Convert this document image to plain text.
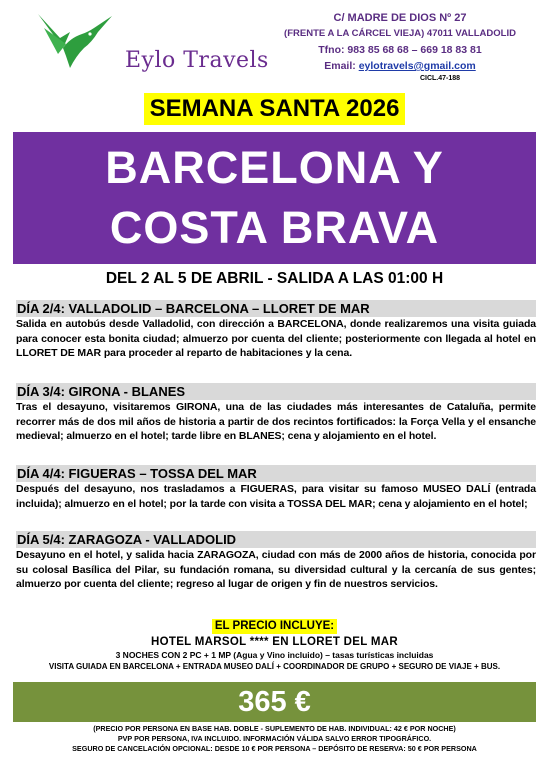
Eylo Travels
C/ MADRE DE DIOS Nº 27
(FRENTE A LA CÁRCEL VIEJA) 47011 VALLADOLID
Tfno: 983 85 68 68 – 669 18 83 81
Email: eylotravels@gmail.com
CICL.47-188
SEMANA SANTA 2026
BARCELONA Y
COSTA BRAVA
DEL 2 AL 5 DE ABRIL - SALIDA A LAS 01:00 H
DÍA 2/4: VALLADOLID – BARCELONA – LLORET DE MAR

Salida en autobús desde Valladolid, con dirección a BARCELONA, donde realizaremos una visita guiada para conocer esta bonita ciudad; almuerzo por cuenta del cliente; posteriormente con llegada al hotel en LLORET DE MAR para proceder al reparto de habitaciones y la cena.

DÍA 3/4: GIRONA - BLANES

Tras el desayuno, visitaremos GIRONA, una de las ciudades más interesantes de Cataluña, permite recorrer más de dos mil años de historia a partir de dos recintos fortificados: la Força Vella y el ensanche medieval; almuerzo en el hotel; tarde libre en BLANES; cena y alojamiento en el hotel.

DÍA 4/4: FIGUERAS – TOSSA DEL MAR

Después del desayuno, nos trasladamos a FIGUERAS, para visitar su famoso MUSEO DALÍ (entrada incluida); almuerzo en el hotel; por la tarde con visita a TOSSA DEL MAR; cena y alojamiento en el hotel;

DÍA 5/4: ZARAGOZA - VALLADOLID

Desayuno en el hotel, y salida hacia ZARAGOZA, ciudad con más de 2000 años de historia, conocida por su colosal Basílica del Pilar, su fundación romana, su diversidad cultural y la cercanía de sus gentes; almuerzo por cuenta del cliente; regreso al lugar de origen y fin de nuestros servicios.

EL PRECIO INCLUYE:
HOTEL MARSOL **** EN LLORET DEL MAR
3 NOCHES CON 2 PC + 1 MP (Agua y Vino incluido) – tasas turísticas incluidas
VISITA GUIADA EN BARCELONA + ENTRADA MUSEO DALÍ + COORDINADOR DE GRUPO + SEGURO DE VIAJE + BUS.
365 €
(PRECIO POR PERSONA EN BASE HAB. DOBLE - SUPLEMENTO DE HAB. INDIVIDUAL: 42 € POR NOCHE)
PVP POR PERSONA, IVA INCLUIDO. INFORMACIÓN VÁLIDA SALVO ERROR TIPOGRÁFICO.
SEGURO DE CANCELACIÓN OPCIONAL: DESDE 10 € POR PERSONA – DEPÓSITO DE RESERVA: 50 € POR PERSONA
